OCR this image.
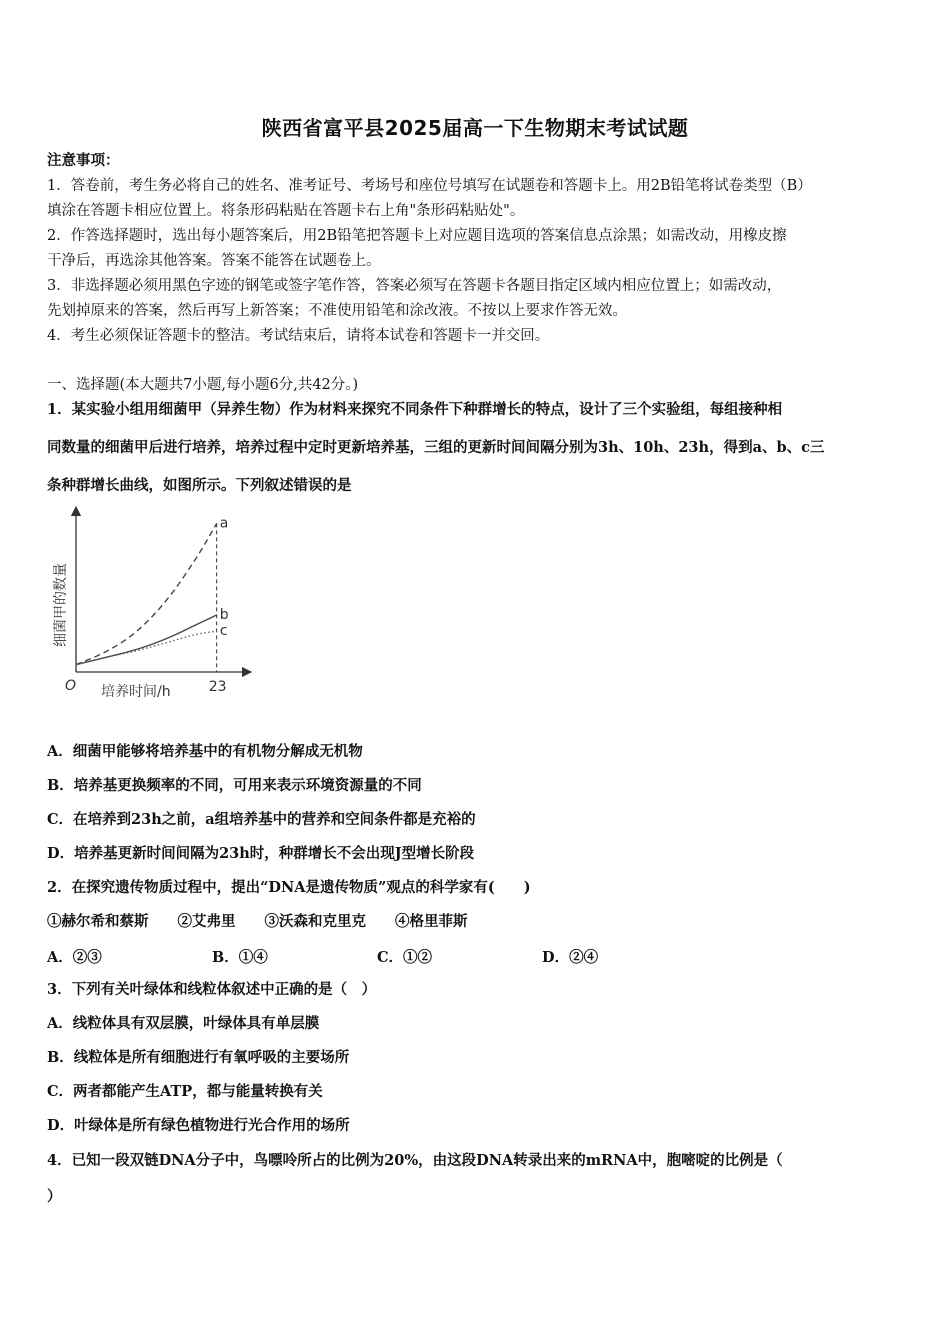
陕西省富平县2025届高一下生物期末考试试题
注意事项：
1．答卷前，考生务必将自己的姓名、准考证号、考场号和座位号填写在试题卷和答题卡上。用2B铅笔将试卷类型（B）
填涂在答题卡相应位置上。将条形码粘贴在答题卡右上角"条形码粘贴处"。
2．作答选择题时，选出每小题答案后，用2B铅笔把答题卡上对应题目选项的答案信息点涂黑；如需改动，用橡皮擦
干净后，再选涂其他答案。答案不能答在试题卷上。
3．非选择题必须用黑色字迹的钢笔或签字笔作答，答案必须写在答题卡各题目指定区域内相应位置上；如需改动，
先划掉原来的答案，然后再写上新答案；不准使用铅笔和涂改液。不按以上要求作答无效。
4．考生必须保证答题卡的整洁。考试结束后，请将本试卷和答题卡一并交回。
一、选择题(本大题共7小题,每小题6分,共42分。)
1．某实验小组用细菌甲（异养生物）作为材料来探究不同条件下种群增长的特点，设计了三个实验组，每组接种相
同数量的细菌甲后进行培养，培养过程中定时更新培养基，三组的更新时间间隔分别为3h、10h、23h，得到a、b、c三
条种群增长曲线，如图所示。下列叙述错误的是
a
b
c
O 培养时间/h	23
细菌甲的数量
A．细菌甲能够将培养基中的有机物分解成无机物
B．培养基更换频率的不同，可用来表示环境资源量的不同
C．在培养到23h之前，a组培养基中的营养和空间条件都是充裕的
D．培养基更新时间间隔为23h时，种群增长不会出现J型增长阶段
2．在探究遗传物质过程中，提出“DNA是遗传物质”观点的科学家有(　　)
①赫尔希和蔡斯　　②艾弗里　　③沃森和克里克　　④格里菲斯
A．②③	B．①④	C．①②	D．②④
3．下列有关叶绿体和线粒体叙述中正确的是（　）
A．线粒体具有双层膜，叶绿体具有单层膜
B．线粒体是所有细胞进行有氧呼吸的主要场所
C．两者都能产生ATP，都与能量转换有关
D．叶绿体是所有绿色植物进行光合作用的场所
4．已知一段双链DNA分子中，鸟嘌呤所占的比例为20%，由这段DNA转录出来的mRNA中，胞嘧啶的比例是（
）
